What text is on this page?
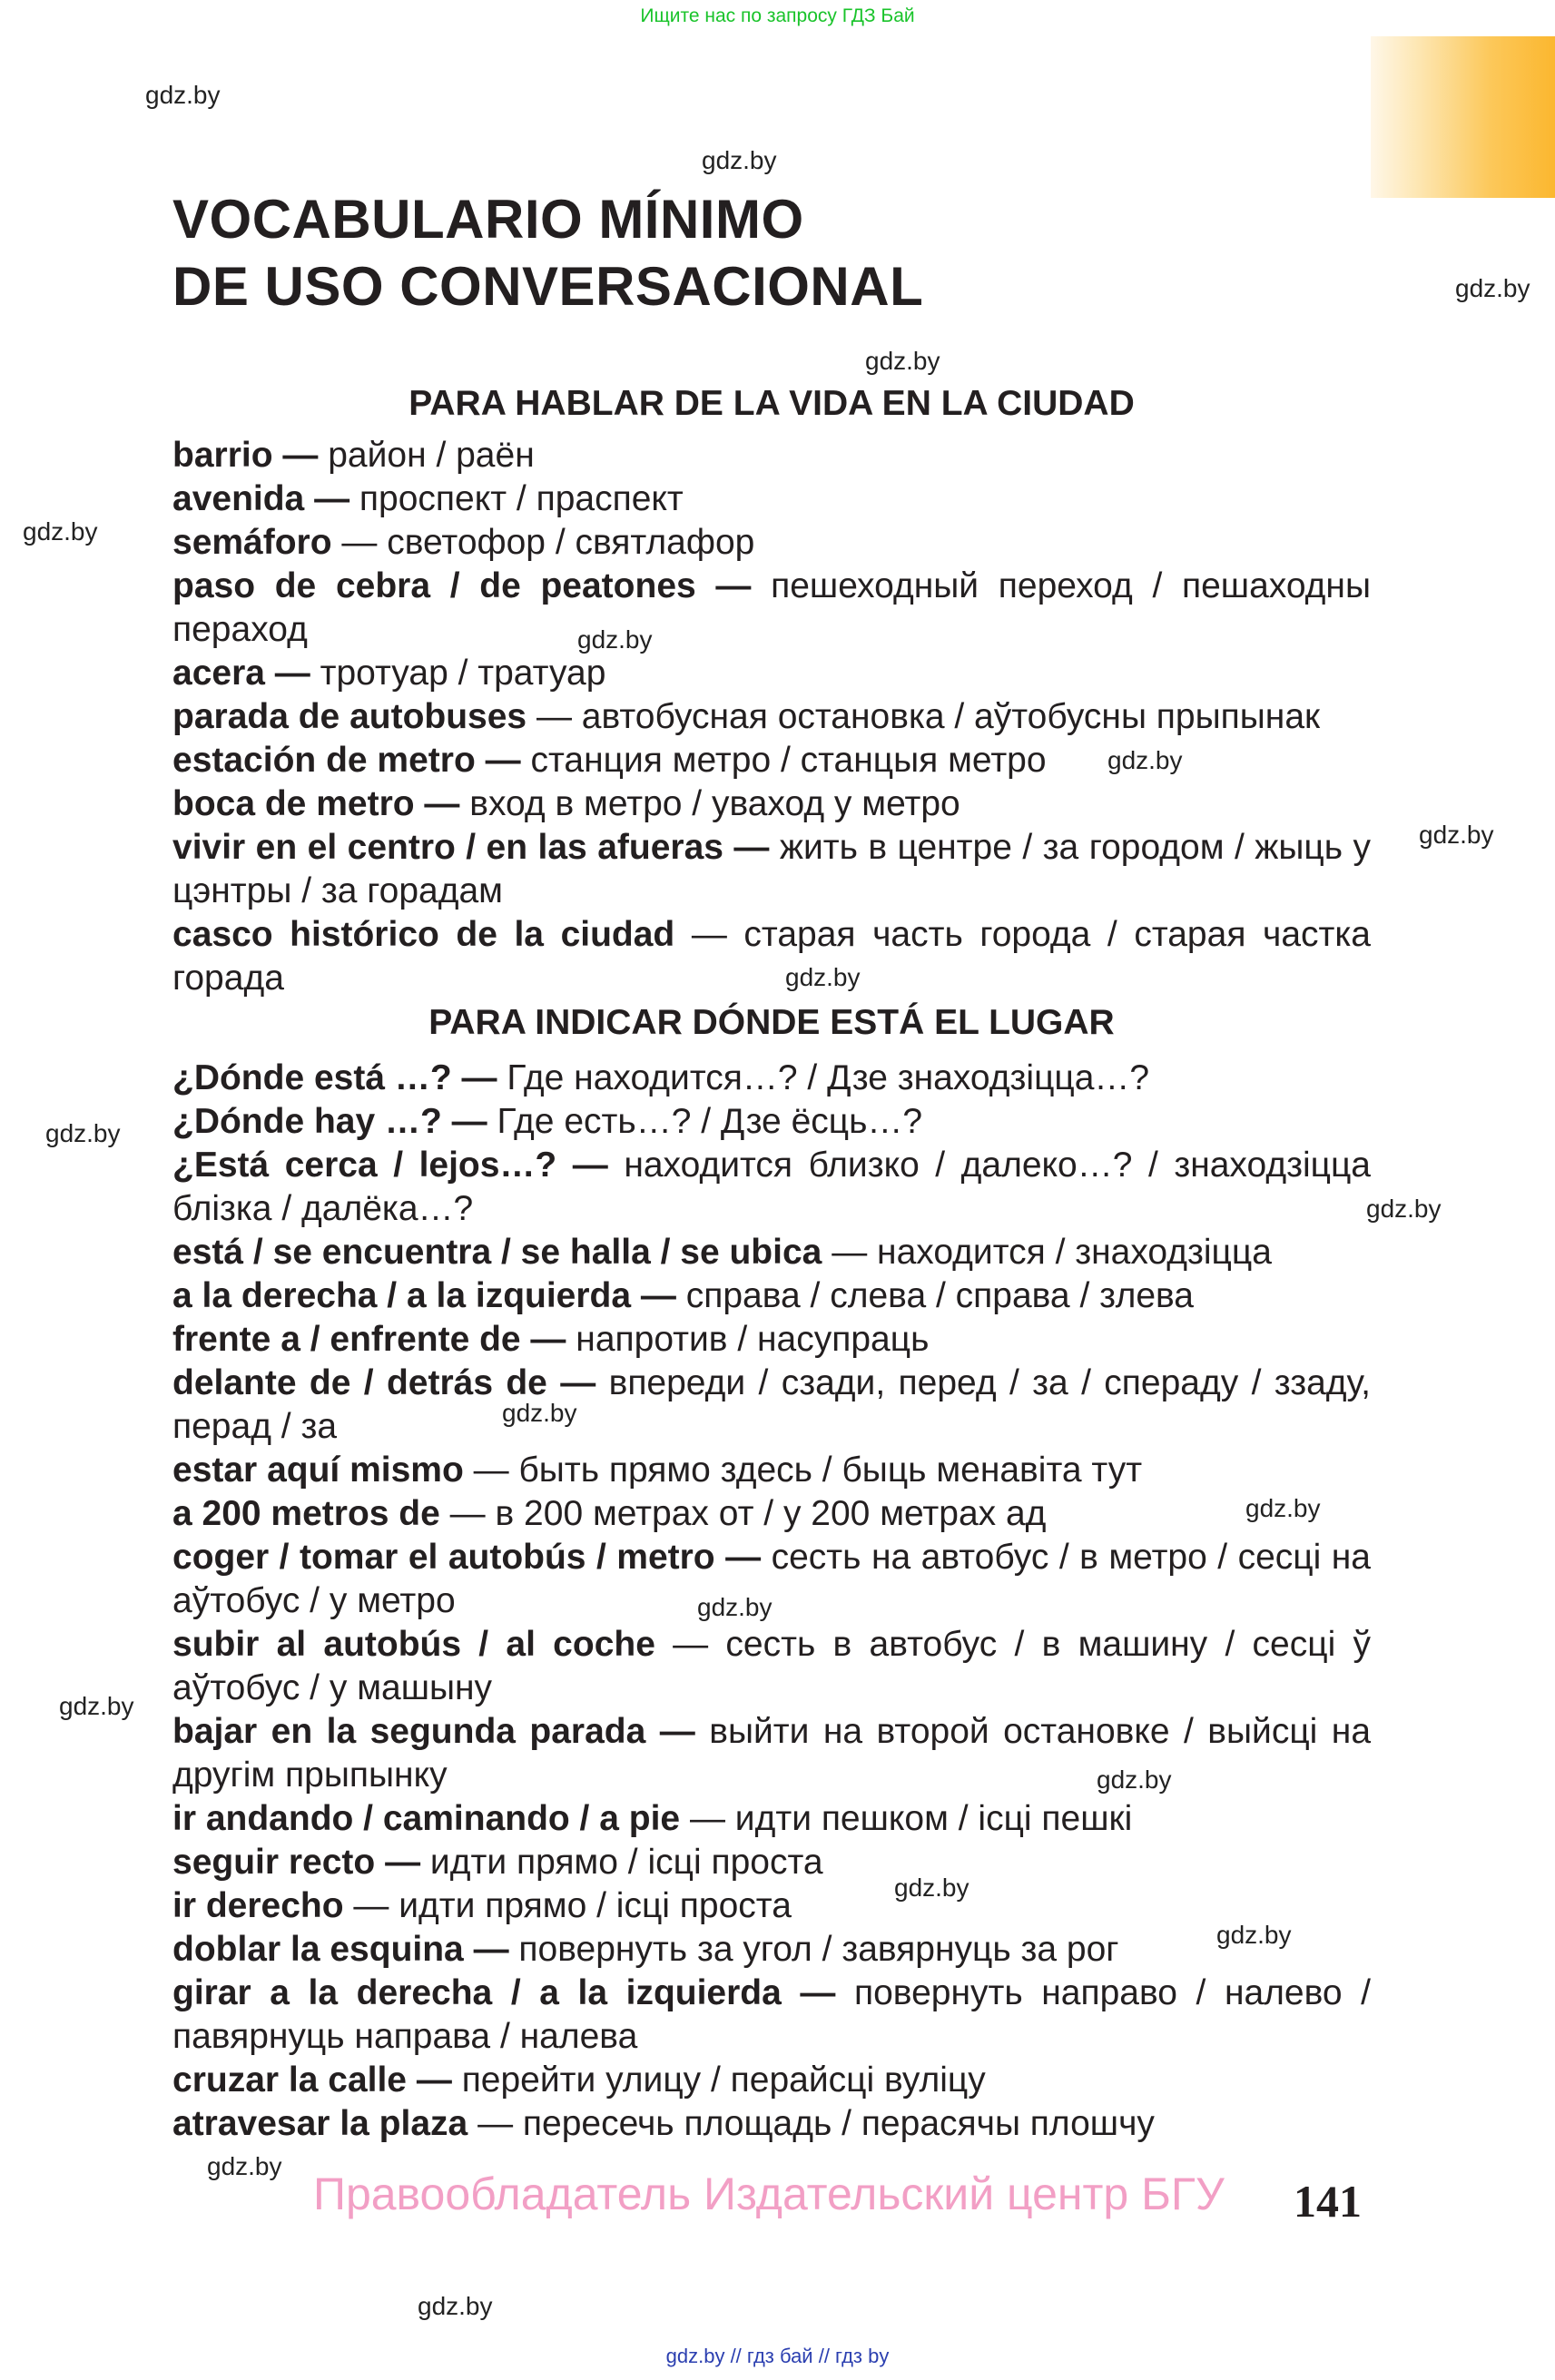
Ищите нас по запросу ГДЗ Бай
gdz.by
gdz.by
gdz.by
gdz.by
gdz.by
gdz.by
gdz.by
gdz.by
gdz.by
gdz.by
gdz.by
gdz.by
gdz.by
gdz.by
gdz.by
gdz.by
gdz.by
gdz.by
gdz.by
gdz.by
VOCABULARIO MÍNIMO
DE USO CONVERSACIONAL
PARA HABLAR DE LA VIDA EN LA CIUDAD
barrio — район / раён
avenida — проспект / праспект
semáforo — светофор / святлафор
paso de cebra / de peatones — пешеходный переход / пешаходны пераход
acera — тротуар / тратуар
parada de autobuses — автобусная остановка / аўтобусны прыпынак
estación de metro — станция метро / станцыя метро
boca de metro — вход в метро / уваход у метро
vivir en el centro / en las afueras — жить в центре / за городом / жыць у цэнтры / за горадам
casco histórico de la ciudad — старая часть города / старая частка горада
PARA INDICAR DÓNDE ESTÁ EL LUGAR
¿Dónde está …? — Где находится…? / Дзе знаходзіцца…?
¿Dónde hay …? — Где есть…? / Дзе ёсць…?
¿Está cerca / lejos…? — находится близко / далеко…? / знаходзіцца блізка / далёка…?
está / se encuentra / se halla / se ubica — находится / знаходзіцца
a la derecha / a la izquierda — справа / слева / справа / злева
frente a / enfrente de — напротив / насупраць
delante de / detrás de — впереди / сзади, перед / за / спераду / ззаду, перад / за
estar aquí mismo — быть прямо здесь / быць менавіта тут
a 200 metros de — в 200 метрах от / у 200 метрах ад
coger / tomar el autobús / metro — сесть на автобус / в метро / сесці на аўтобус / у метро
subir al autobús / al coche — сесть в автобус / в машину / сесці ў аўтобус / у машыну
bajar en la segunda parada — выйти на второй остановке / выйсці на другім прыпынку
ir andando / caminando / a pie — идти пешком / ісці пешкі
seguir recto — идти прямо / ісці проста
ir derecho — идти прямо / ісці проста
doblar la esquina — повернуть за угол / завярнуць за рог
girar a la derecha / a la izquierda — повернуть направо / налево / павярнуць направа / налева
cruzar la calle — перейти улицу / перайсці вуліцу
atravesar la plaza — пересечь площадь / перасячы плошчу
Правообладатель Издательский центр БГУ 141
gdz.by // гдз бай // гдз by
